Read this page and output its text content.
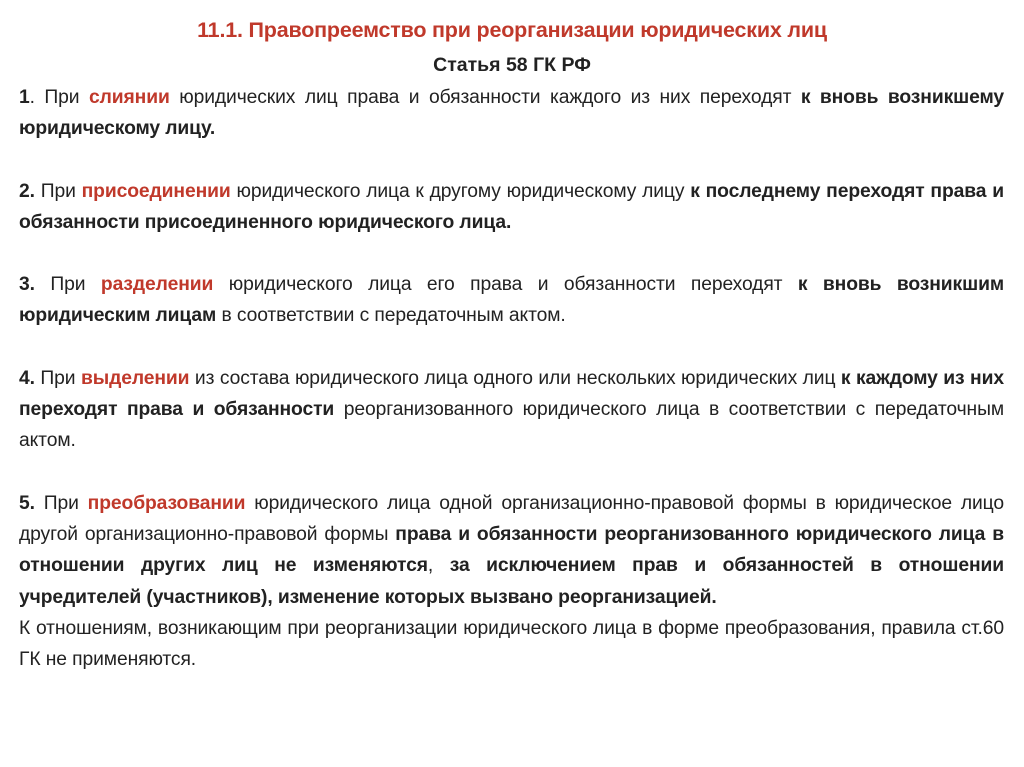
11.1. Правопреемство при реорганизации юридических лиц
Статья 58 ГК РФ

1. При слиянии юридических лиц права и обязанности каждого из них переходят к вновь возникшему юридическому лицу.

2. При присоединении юридического лица к другому юридическому лицу к последнему переходят права и обязанности присоединенного юридического лица.

3. При разделении юридического лица его права и обязанности переходят к вновь возникшим юридическим лицам в соответствии с передаточным актом.

4. При выделении из состава юридического лица одного или нескольких юридических лиц к каждому из них переходят права и обязанности реорганизованного юридического лица в соответствии с передаточным актом.

5. При преобразовании юридического лица одной организационно-правовой формы в юридическое лицо другой организационно-правовой формы права и обязанности реорганизованного юридического лица в отношении других лиц не изменяются, за исключением прав и обязанностей в отношении учредителей (участников), изменение которых вызвано реорганизацией.

К отношениям, возникающим при реорганизации юридического лица в форме преобразования, правила ст.60 ГК не применяются.
